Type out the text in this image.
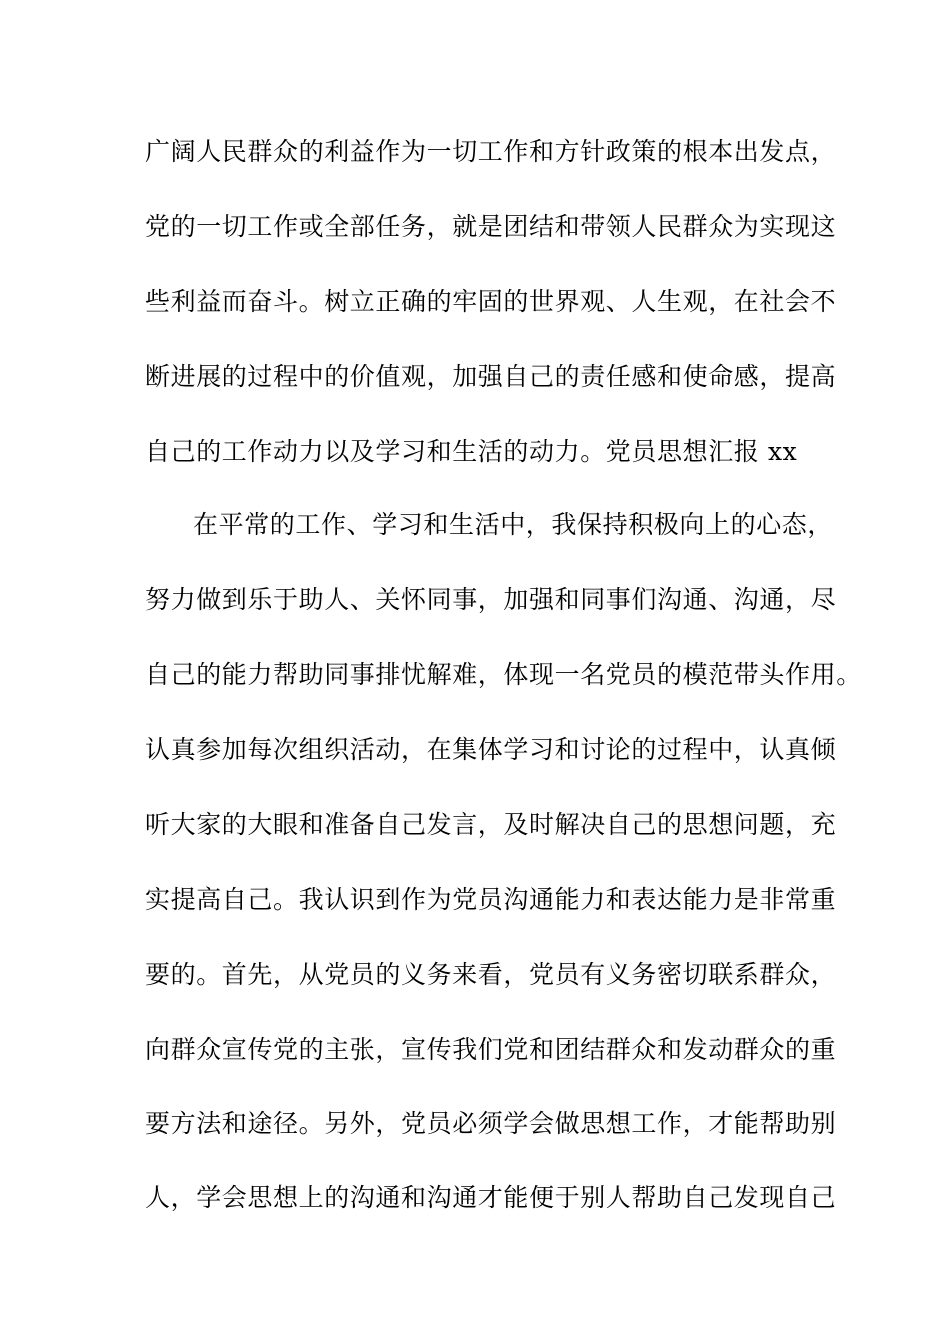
广阔人民群众的利益作为一切工作和方针政策的根本出发点，
党的一切工作或全部任务，就是团结和带领人民群众为实现这
些利益而奋斗。树立正确的牢固的世界观、人生观，在社会不
断进展的过程中的价值观，加强自己的责任感和使命感，提高
自己的工作动力以及学习和生活的动力。党员思想汇报 xx
在平常的工作、学习和生活中，我保持积极向上的心态，
努力做到乐于助人、关怀同事，加强和同事们沟通、沟通，尽
自己的能力帮助同事排忧解难，体现一名党员的模范带头作用。
认真参加每次组织活动，在集体学习和讨论的过程中，认真倾
听大家的大眼和准备自己发言，及时解决自己的思想问题，充
实提高自己。我认识到作为党员沟通能力和表达能力是非常重
要的。首先，从党员的义务来看，党员有义务密切联系群众，
向群众宣传党的主张，宣传我们党和团结群众和发动群众的重
要方法和途径。另外，党员必须学会做思想工作，才能帮助别
人，学会思想上的沟通和沟通才能便于别人帮助自己发现自己
